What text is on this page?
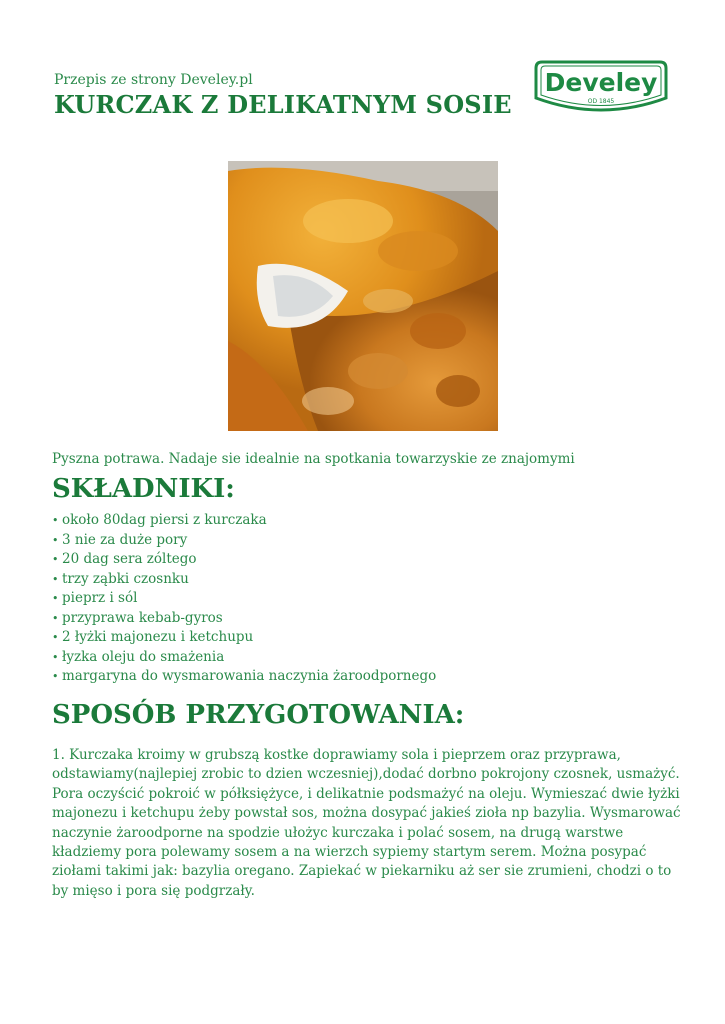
Przepis ze strony Develey.pl
KURCZAK Z DELIKATNYM SOSIE
Develey
OD 1845
Pyszna potrawa. Nadaje sie idealnie na spotkania towarzyskie ze znajomymi
SKŁADNIKI:
• około 80dag piersi z kurczaka
• 3 nie za duże pory
• 20 dag sera zóltego
• trzy ząbki czosnku
• pieprz i sól
• przyprawa kebab-gyros
• 2 łyżki majonezu i ketchupu
• łyzka oleju do smażenia
• margaryna do wysmarowania naczynia żaroodpornego
SPOSÓB PRZYGOTOWANIA:

1. Kurczaka kroimy w grubszą kostke doprawiamy sola i pieprzem oraz przyprawa, odstawiamy(najlepiej zrobic to dzien wczesniej),dodać dorbno pokrojony czosnek, usmażyć. Pora oczyścić pokroić w półksiężyce, i delikatnie podsmażyć na oleju. Wymieszać dwie łyżki majonezu i ketchupu żeby powstał sos, można dosypać jakieś zioła np bazylia. Wysmarować naczynie żaroodporne na spodzie ułożyc kurczaka i polać sosem, na drugą warstwe kładziemy pora polewamy sosem a na wierzch sypiemy startym serem. Można posypać ziołami takimi jak: bazylia oregano. Zapiekać w piekarniku aż ser sie zrumieni, chodzi o to by mięso i pora się podgrzały.
